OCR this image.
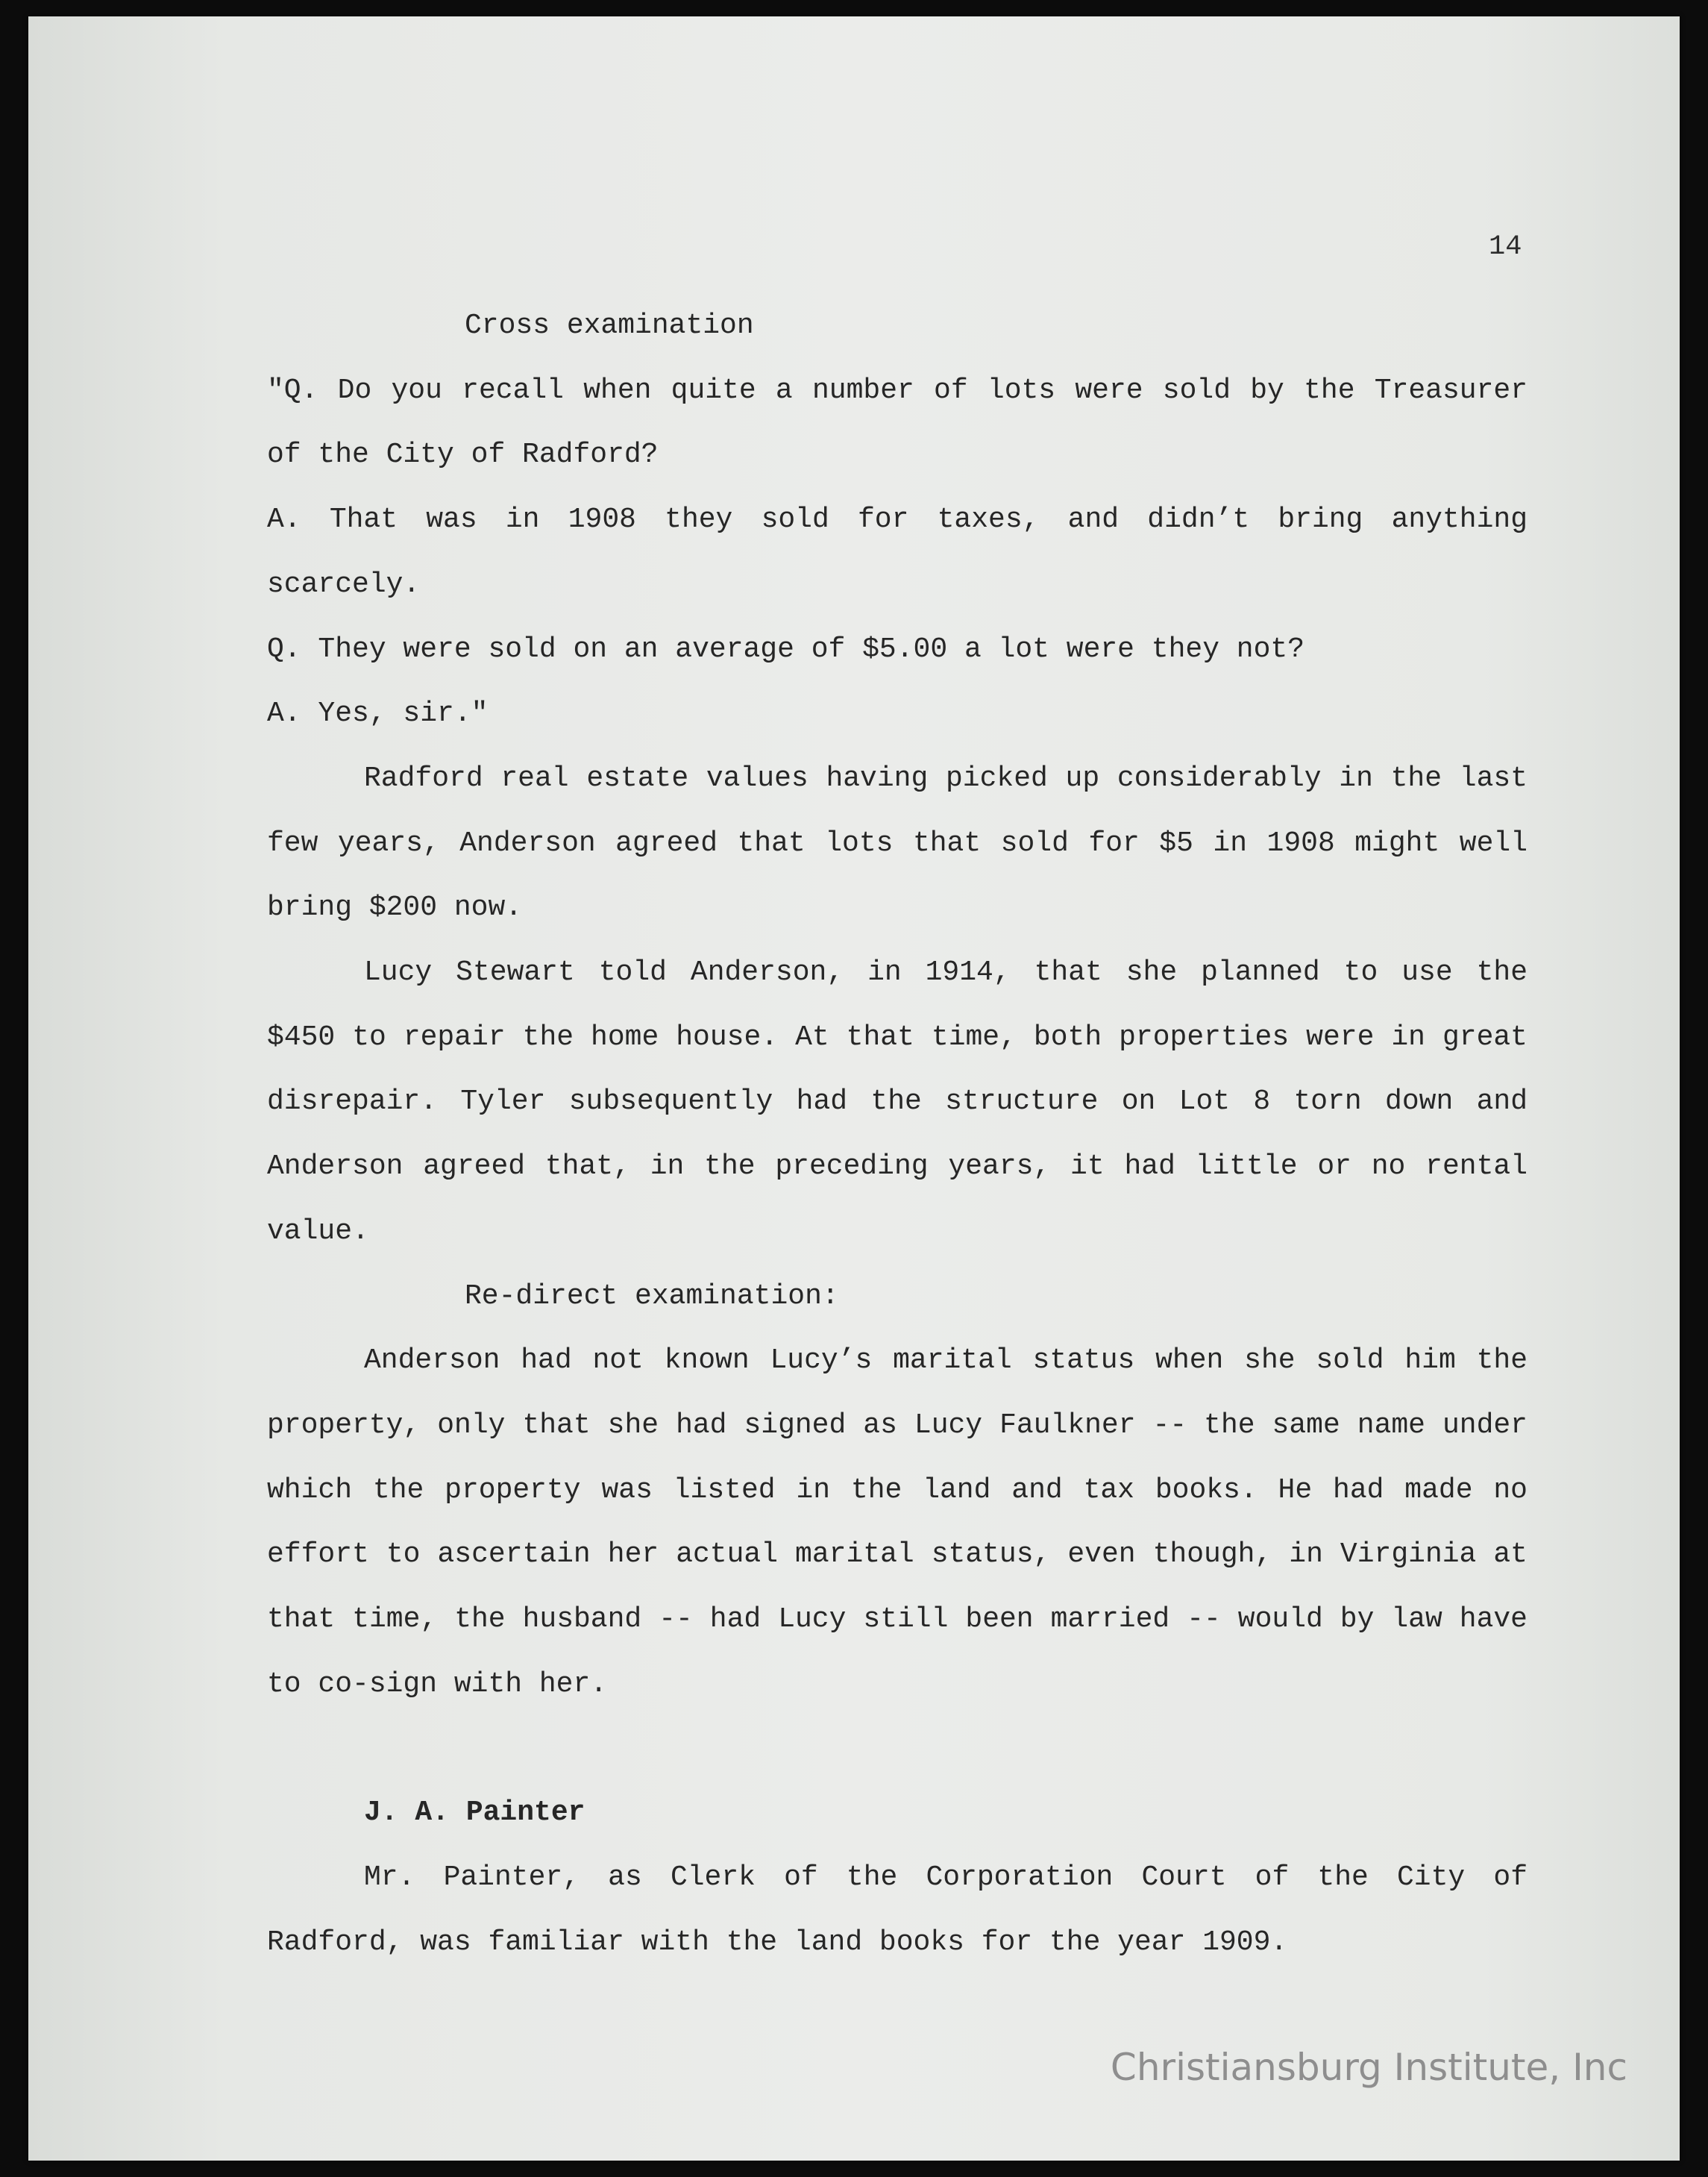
14

Cross examination

"Q. Do you recall when quite a number of lots were sold by the Treasurer of the City of Radford?

A. That was in 1908 they sold for taxes, and didn’t bring anything scarcely.

Q. They were sold on an average of $5.00 a lot were they not?

A. Yes, sir."

Radford real estate values having picked up considerably in the last few years, Anderson agreed that lots that sold for $5 in 1908 might well bring $200 now.

Lucy Stewart told Anderson, in 1914, that she planned to use the $450 to repair the home house. At that time, both properties were in great disrepair. Tyler subsequently had the structure on Lot 8 torn down and Anderson agreed that, in the preceding years, it had little or no rental value.

Re-direct examination:

Anderson had not known Lucy’s marital status when she sold him the property, only that she had signed as Lucy Faulkner -- the same name under which the property was listed in the land and tax books. He had made no effort to ascertain her actual marital status, even though, in Virginia at that time, the husband -- had Lucy still been married -- would by law have to co-sign with her.

J. A. Painter

Mr. Painter, as Clerk of the Corporation Court of the City of Radford, was familiar with the land books for the year 1909.

Christiansburg Institute, Inc
